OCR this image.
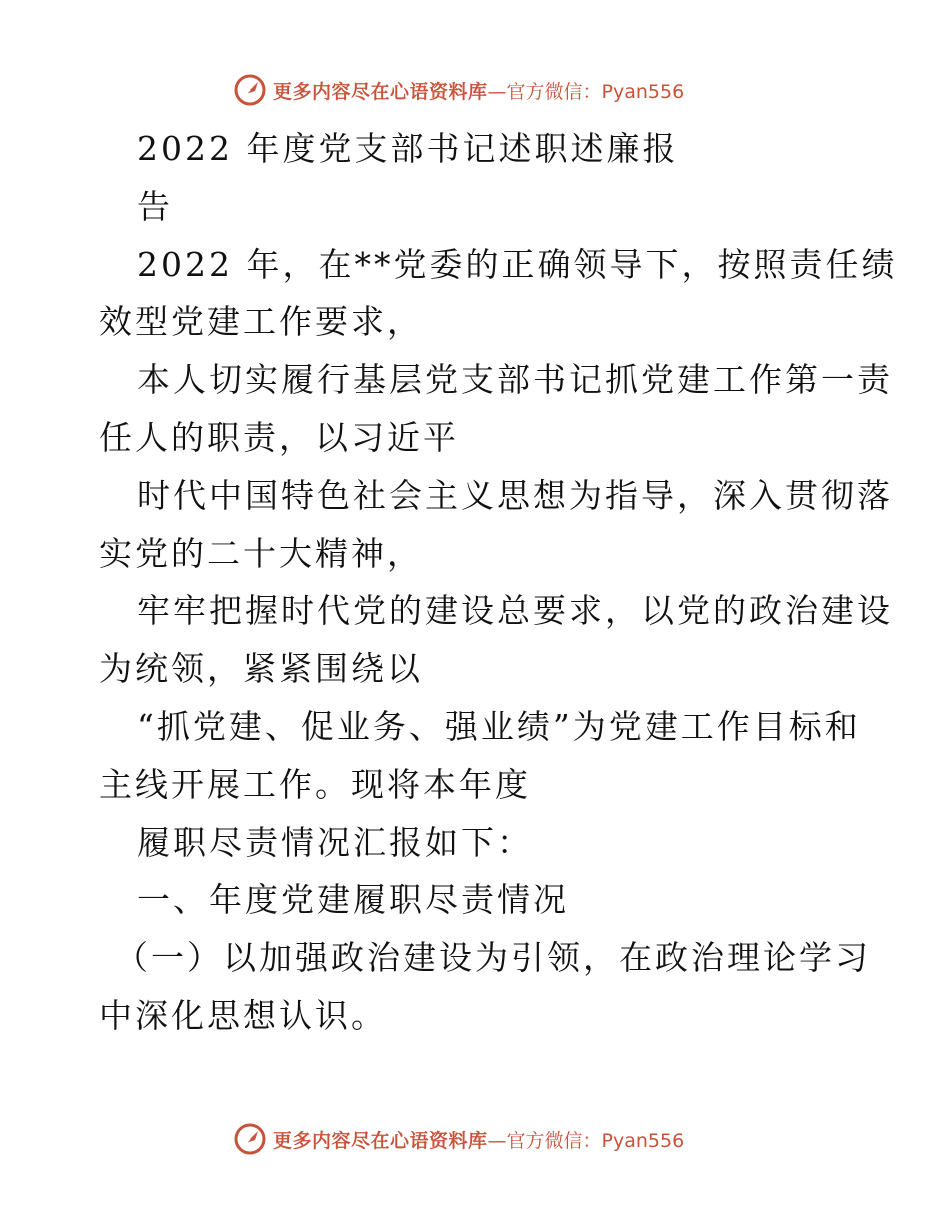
更多内容尽在心语资料库 —官方微信：Pyan556
2022 年度党支部书记述职述廉报
告
2022 年，在**党委的正确领导下，按照责任绩
效型党建工作要求，
本人切实履行基层党支部书记抓党建工作第一责
任人的职责，以习近平
时代中国特色社会主义思想为指导，深入贯彻落
实党的二十大精神，
牢牢把握时代党的建设总要求，以党的政治建设
为统领，紧紧围绕以
“抓党建、促业务、强业绩”为党建工作目标和
主线开展工作。现将本年度
履职尽责情况汇报如下：
一、年度党建履职尽责情况
（一）以加强政治建设为引领，在政治理论学习
中深化思想认识。
更多内容尽在心语资料库 —官方微信：Pyan556
